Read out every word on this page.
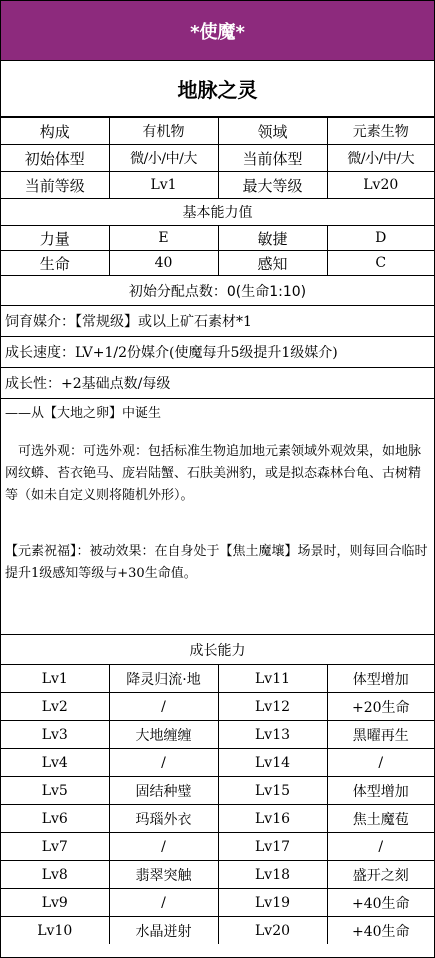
*使魔*
地脉之灵
构成	有机物	领域	元素生物
初始体型	微/小/中/大	当前体型	微/小/中/大
当前等级	Lv1	最大等级	Lv20
基本能力值
力量	E	敏捷	D
生命	40	感知	C
初始分配点数：0(生命1:10)
饲育媒介：【常规级】或以上矿石素材*1
成长速度：LV+1/2份媒介(使魔每升5级提升1级媒介)
成长性：+2基础点数/每级

——从【大地之卵】中诞生

可选外观：可选外观：包括标准生物追加地元素领域外观效果，如地脉网纹蟒、苔衣铯马、庞岩陆蟹、石肤美洲豹，或是拟态森林台龟、古树精等（如未自定义则将随机外形）。

【元素祝福】：被动效果：在自身处于【焦土魔壤】场景时，则每回合临时提升1级感知等级与+30生命值。

成长能力
Lv1	降灵归流·地	Lv11	体型增加
Lv2	/	Lv12	+20生命
Lv3	大地缠缠	Lv13	黑曜再生
Lv4	/	Lv14	/
Lv5	固结种璧	Lv15	体型增加
Lv6	玛瑙外衣	Lv16	焦土魔苞
Lv7	/	Lv17	/
Lv8	翡翠突触	Lv18	盛开之刻
Lv9	/	Lv19	+40生命
Lv10	水晶迸射	Lv20	+40生命
